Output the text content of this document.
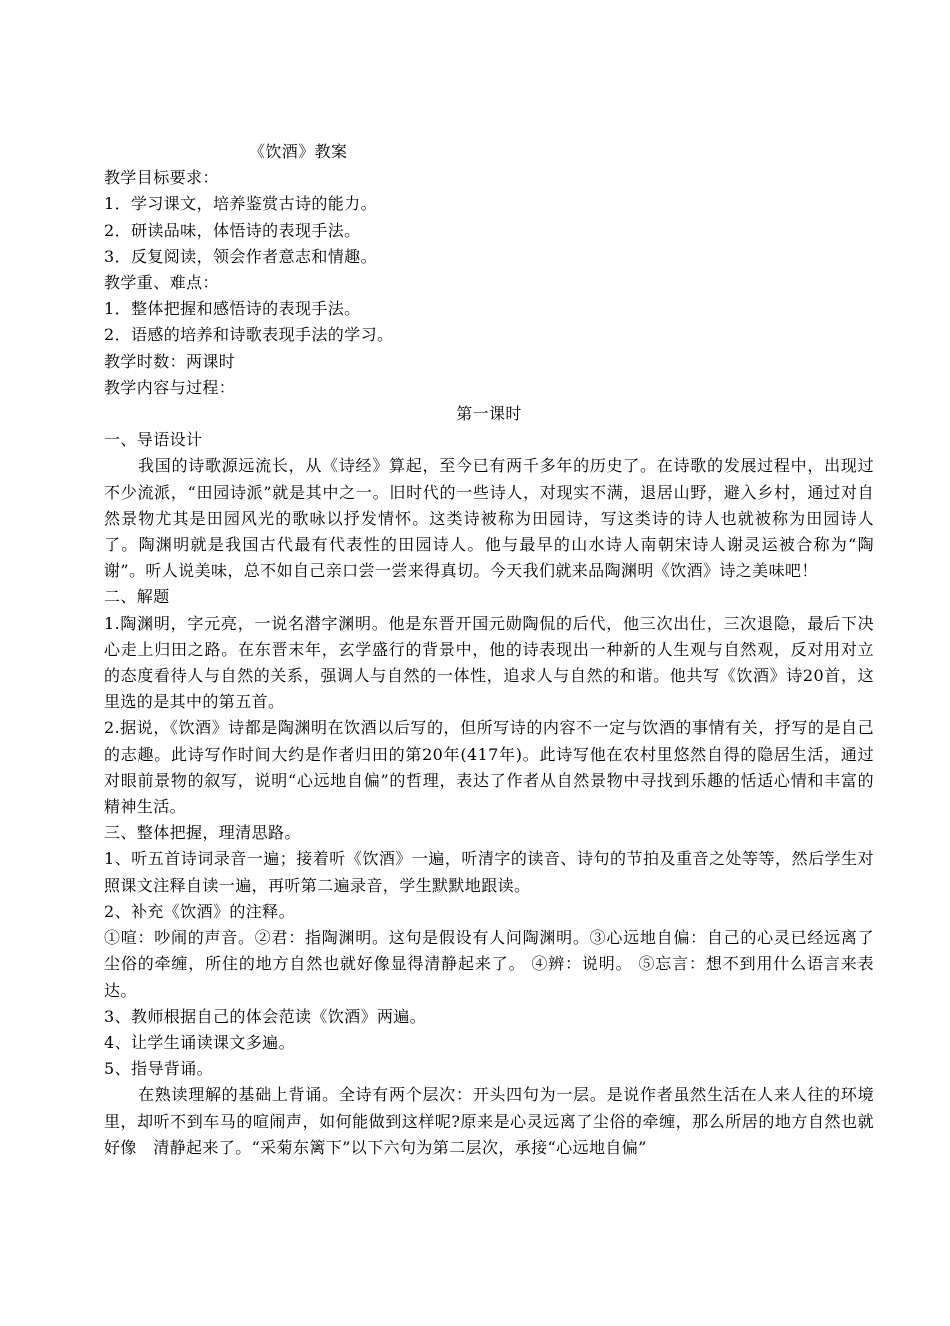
《饮酒》教案

教学目标要求：

1．学习课文，培养鉴赏古诗的能力。

2．研读品味，体悟诗的表现手法。

3．反复阅读，领会作者意志和情趣。

教学重、难点：

1．整体把握和感悟诗的表现手法。

2．语感的培养和诗歌表现手法的学习。

教学时数：两课时

教学内容与过程：

第一课时

一、导语设计

我国的诗歌源远流长，从《诗经》算起，至今已有两千多年的历史了。在诗歌的发展过程中，出现过不少流派，“田园诗派”就是其中之一。旧时代的一些诗人，对现实不满，退居山野，避入乡村，通过对自然景物尤其是田园风光的歌咏以抒发情怀。这类诗被称为田园诗，写这类诗的诗人也就被称为田园诗人了。陶渊明就是我国古代最有代表性的田园诗人。他与最早的山水诗人南朝宋诗人谢灵运被合称为“陶谢”。听人说美味，总不如自己亲口尝一尝来得真切。今天我们就来品陶渊明《饮酒》诗之美味吧！

二、解题

1.陶渊明，字元亮，一说名潜字渊明。他是东晋开国元勋陶侃的后代，他三次出仕，三次退隐，最后下决心走上归田之路。在东晋末年，玄学盛行的背景中，他的诗表现出一种新的人生观与自然观，反对用对立的态度看待人与自然的关系，强调人与自然的一体性，追求人与自然的和谐。他共写《饮酒》诗20首，这里选的是其中的第五首。

2.据说，《饮酒》诗都是陶渊明在饮酒以后写的，但所写诗的内容不一定与饮酒的事情有关，抒写的是自己的志趣。此诗写作时间大约是作者归田的第20年(417年)。此诗写他在农村里悠然自得的隐居生活，通过对眼前景物的叙写，说明“心远地自偏”的哲理，表达了作者从自然景物中寻找到乐趣的恬适心情和丰富的精神生活。

三、整体把握，理清思路。

1、听五首诗词录音一遍；接着听《饮酒》一遍，听清字的读音、诗句的节拍及重音之处等等，然后学生对照课文注释自读一遍，再听第二遍录音，学生默默地跟读。

2、补充《饮酒》的注释。

①喧：吵闹的声音。②君：指陶渊明。这句是假设有人问陶渊明。③心远地自偏：自己的心灵已经远离了尘俗的牵缠，所住的地方自然也就好像显得清静起来了。 ④辨：说明。 ⑤忘言：想不到用什么语言来表达。

3、教师根据自己的体会范读《饮酒》两遍。

4、让学生诵读课文多遍。

5、指导背诵。

在熟读理解的基础上背诵。全诗有两个层次：开头四句为一层。是说作者虽然生活在人来人往的环境里，却听不到车马的喧闹声，如何能做到这样呢?原来是心灵远离了尘俗的牵缠，那么所居的地方自然也就好像　清静起来了。“采菊东篱下”以下六句为第二层次，承接“心远地自偏”
